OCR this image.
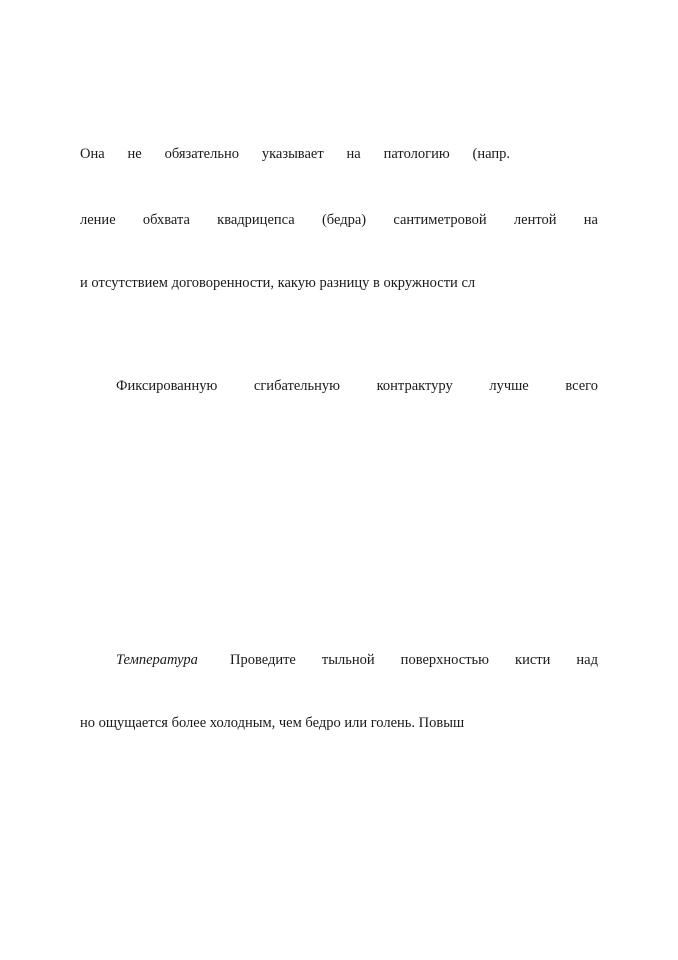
Она не обязательно указывает на патологию (напр.
ление обхвата квадрицепса (бедра) сантиметровой лентой на
и отсутствием договоренности, какую разницу в окружности сл
Фиксированную сгибательную контрактуру лучше всего
Температура Проведите тыльной поверхностью кисти над
но ощущается более холодным, чем бедро или голень. Повыш
